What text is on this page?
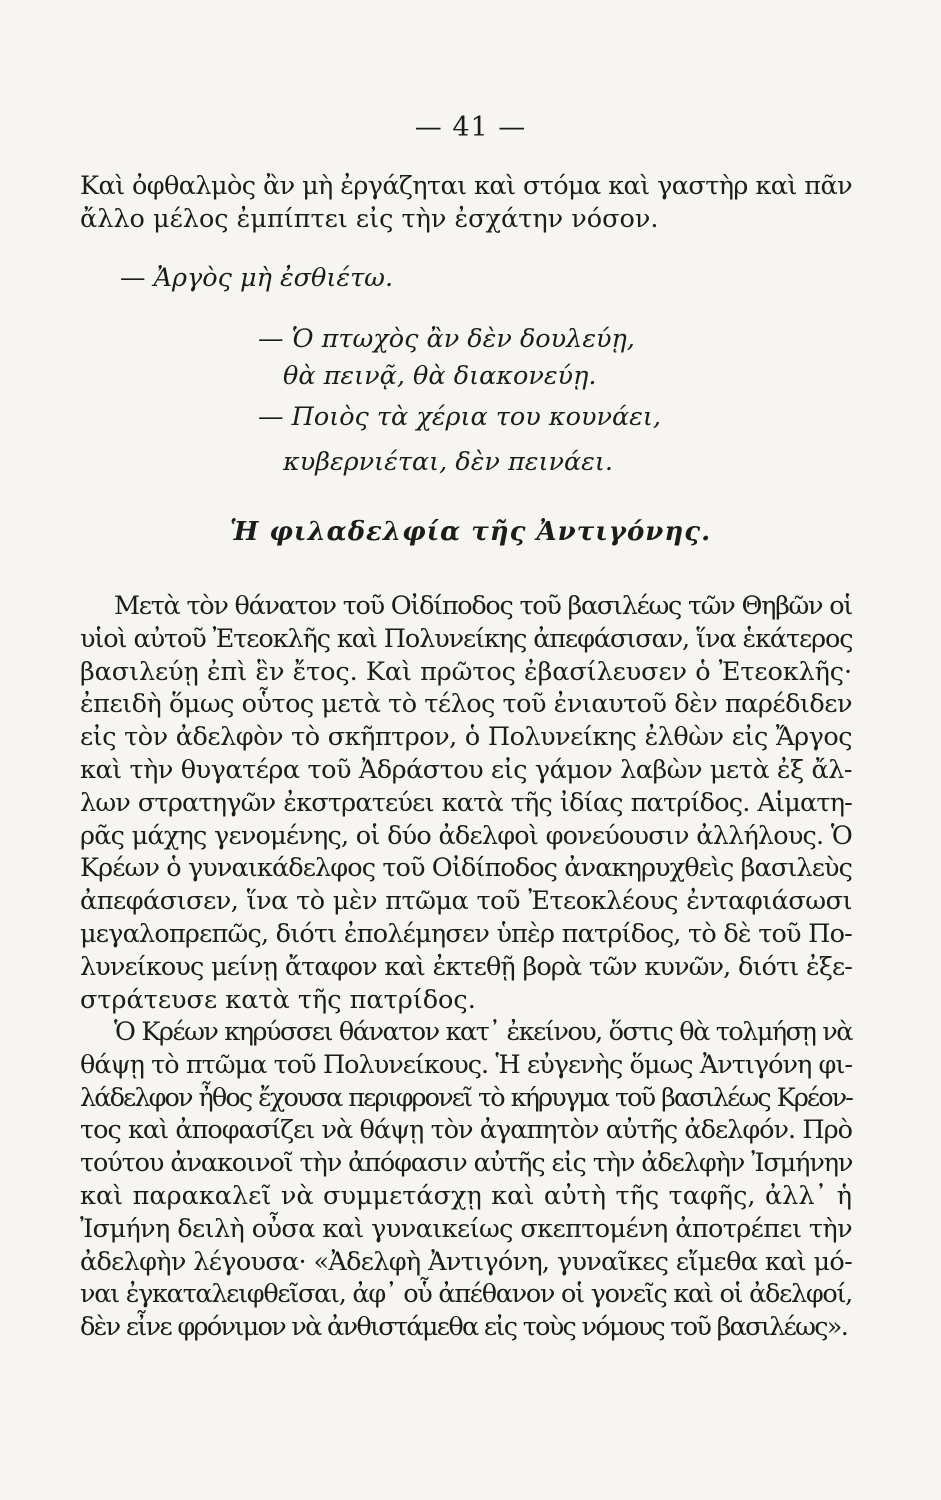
— 41 —

Καὶ ὀφθαλμὸς ἂν μὴ ἐργάζηται καὶ στόμα καὶ γαστὴρ καὶ πᾶν
ἄλλο μέλος ἐμπίπτει εἰς τὴν ἐσχάτην νόσον.

— Ἀργὸς μὴ ἐσθιέτω.
— Ὁ πτωχὸς ἂν δὲν δουλεύῃ,
θὰ πεινᾷ, θὰ διακονεύῃ.
— Ποιὸς τὰ χέρια του κουνάει,
κυβερνιέται, δὲν πεινάει.
Ἡ φιλαδελφία τῆς Ἀντιγόνης.

Μετὰ τὸν θάνατον τοῦ Οἰδίποδος τοῦ βασιλέως τῶν Θηβῶν οἱ
υἱοὶ αὐτοῦ Ἐτεοκλῆς καὶ Πολυνείκης ἀπεφάσισαν, ἵνα ἑκάτερος
βασιλεύῃ ἐπὶ ἓν ἔτος. Καὶ πρῶτος ἐβασίλευσεν ὁ Ἐτεοκλῆς·
ἐπειδὴ ὅμως οὗτος μετὰ τὸ τέλος τοῦ ἐνιαυτοῦ δὲν παρέδιδεν
εἰς τὸν ἀδελφὸν τὸ σκῆπτρον, ὁ Πολυνείκης ἐλθὼν εἰς Ἄργος
καὶ τὴν θυγατέρα τοῦ Ἀδράστου εἰς γάμον λαβὼν μετὰ ἐξ ἄλ-
λων στρατηγῶν ἐκστρατεύει κατὰ τῆς ἰδίας πατρίδος. Αἱματη-
ρᾶς μάχης γενομένης, οἱ δύο ἀδελφοὶ φονεύουσιν ἀλλήλους. Ὁ
Κρέων ὁ γυναικάδελφος τοῦ Οἰδίποδος ἀνακηρυχθεὶς βασιλεὺς
ἀπεφάσισεν, ἵνα τὸ μὲν πτῶμα τοῦ Ἐτεοκλέους ἐνταφιάσωσι
μεγαλοπρεπῶς, διότι ἐπολέμησεν ὑπὲρ πατρίδος, τὸ δὲ τοῦ Πο-
λυνείκους μείνῃ ἄταφον καὶ ἐκτεθῇ βορὰ τῶν κυνῶν, διότι ἐξε-
στράτευσε κατὰ τῆς πατρίδος.

Ὁ Κρέων κηρύσσει θάνατον κατ᾽ ἐκείνου, ὅστις θὰ τολμήσῃ νὰ
θάψῃ τὸ πτῶμα τοῦ Πολυνείκους. Ἡ εὐγενὴς ὅμως Ἀντιγόνη φι-
λάδελφον ἦθος ἔχουσα περιφρονεῖ τὸ κήρυγμα τοῦ βασιλέως Κρέον-
τος καὶ ἀποφασίζει νὰ θάψῃ τὸν ἀγαπητὸν αὐτῆς ἀδελφόν. Πρὸ
τούτου ἀνακοινοῖ τὴν ἀπόφασιν αὐτῆς εἰς τὴν ἀδελφὴν Ἰσμήνην
καὶ παρακαλεῖ νὰ συμμετάσχῃ καὶ αὐτὴ τῆς ταφῆς, ἀλλ᾽ ἡ
Ἰσμήνη δειλὴ οὖσα καὶ γυναικείως σκεπτομένη ἀποτρέπει τὴν
ἀδελφὴν λέγουσα· «Ἀδελφὴ Ἀντιγόνη, γυναῖκες εἴμεθα καὶ μό-
ναι ἐγκαταλειφθεῖσαι, ἀφ᾽ οὗ ἀπέθανον οἱ γονεῖς καὶ οἱ ἀδελφοί,
δὲν εἶνε φρόνιμον νὰ ἀνθιστάμεθα εἰς τοὺς νόμους τοῦ βασιλέως».
